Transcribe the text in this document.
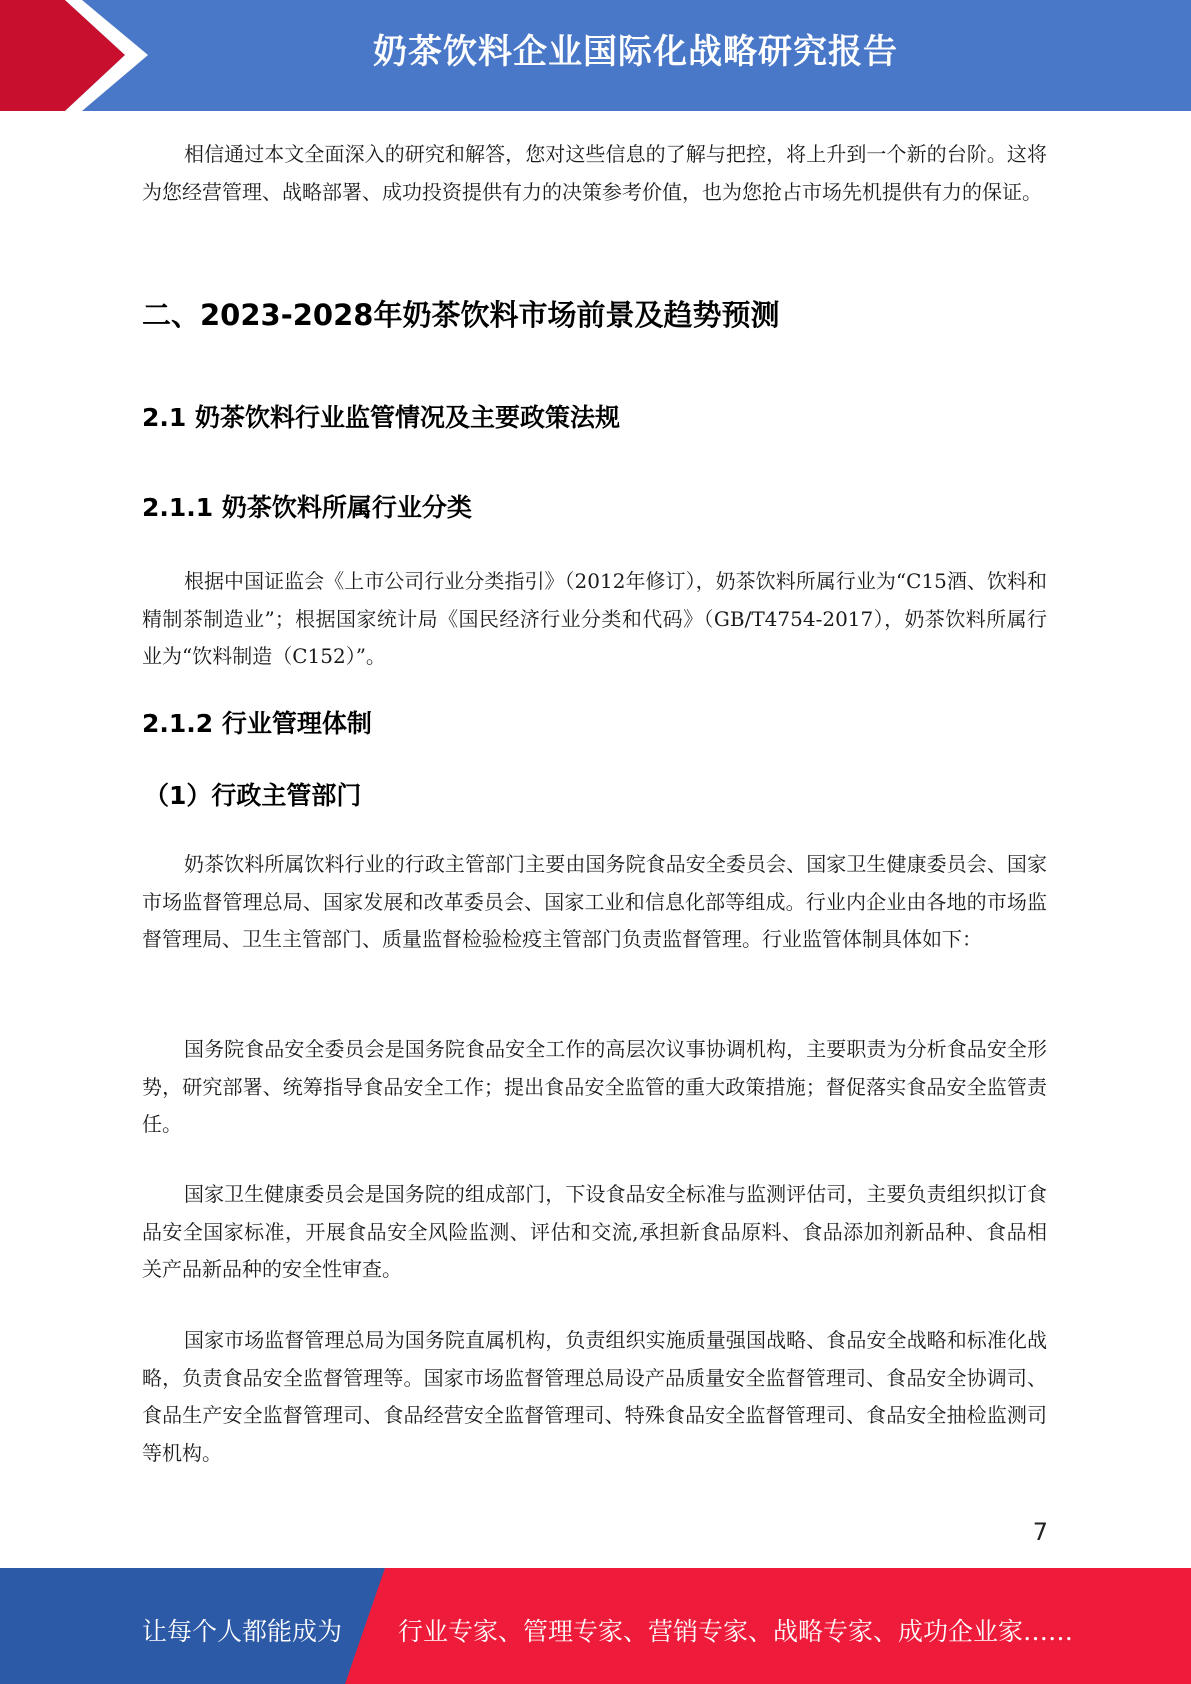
奶茶饮料企业国际化战略研究报告

相信通过本文全面深入的研究和解答，您对这些信息的了解与把控，将上升到一个新的台阶。这将为您经营管理、战略部署、成功投资提供有力的决策参考价值，也为您抢占市场先机提供有力的保证。

二、2023-2028年奶茶饮料市场前景及趋势预测
2.1 奶茶饮料行业监管情况及主要政策法规
2.1.1 奶茶饮料所属行业分类

根据中国证监会《上市公司行业分类指引》（2012年修订），奶茶饮料所属行业为“C15酒、饮料和精制茶制造业”；根据国家统计局《国民经济行业分类和代码》（GB/T4754-2017），奶茶饮料所属行业为“饮料制造（C152）”。

2.1.2 行业管理体制
（1）行政主管部门

奶茶饮料所属饮料行业的行政主管部门主要由国务院食品安全委员会、国家卫生健康委员会、国家市场监督管理总局、国家发展和改革委员会、国家工业和信息化部等组成。行业内企业由各地的市场监督管理局、卫生主管部门、质量监督检验检疫主管部门负责监督管理。行业监管体制具体如下：

国务院食品安全委员会是国务院食品安全工作的高层次议事协调机构，主要职责为分析食品安全形势，研究部署、统筹指导食品安全工作；提出食品安全监管的重大政策措施；督促落实食品安全监管责任。

国家卫生健康委员会是国务院的组成部门，下设食品安全标准与监测评估司，主要负责组织拟订食品安全国家标准，开展食品安全风险监测、评估和交流,承担新食品原料、食品添加剂新品种、食品相关产品新品种的安全性审查。

国家市场监督管理总局为国务院直属机构，负责组织实施质量强国战略、食品安全战略和标准化战略，负责食品安全监督管理等。国家市场监督管理总局设产品质量安全监督管理司、食品安全协调司、食品生产安全监督管理司、食品经营安全监督管理司、特殊食品安全监督管理司、食品安全抽检监测司等机构。

7
让每个人都能成为 行业专家、管理专家、营销专家、战略专家、成功企业家……
